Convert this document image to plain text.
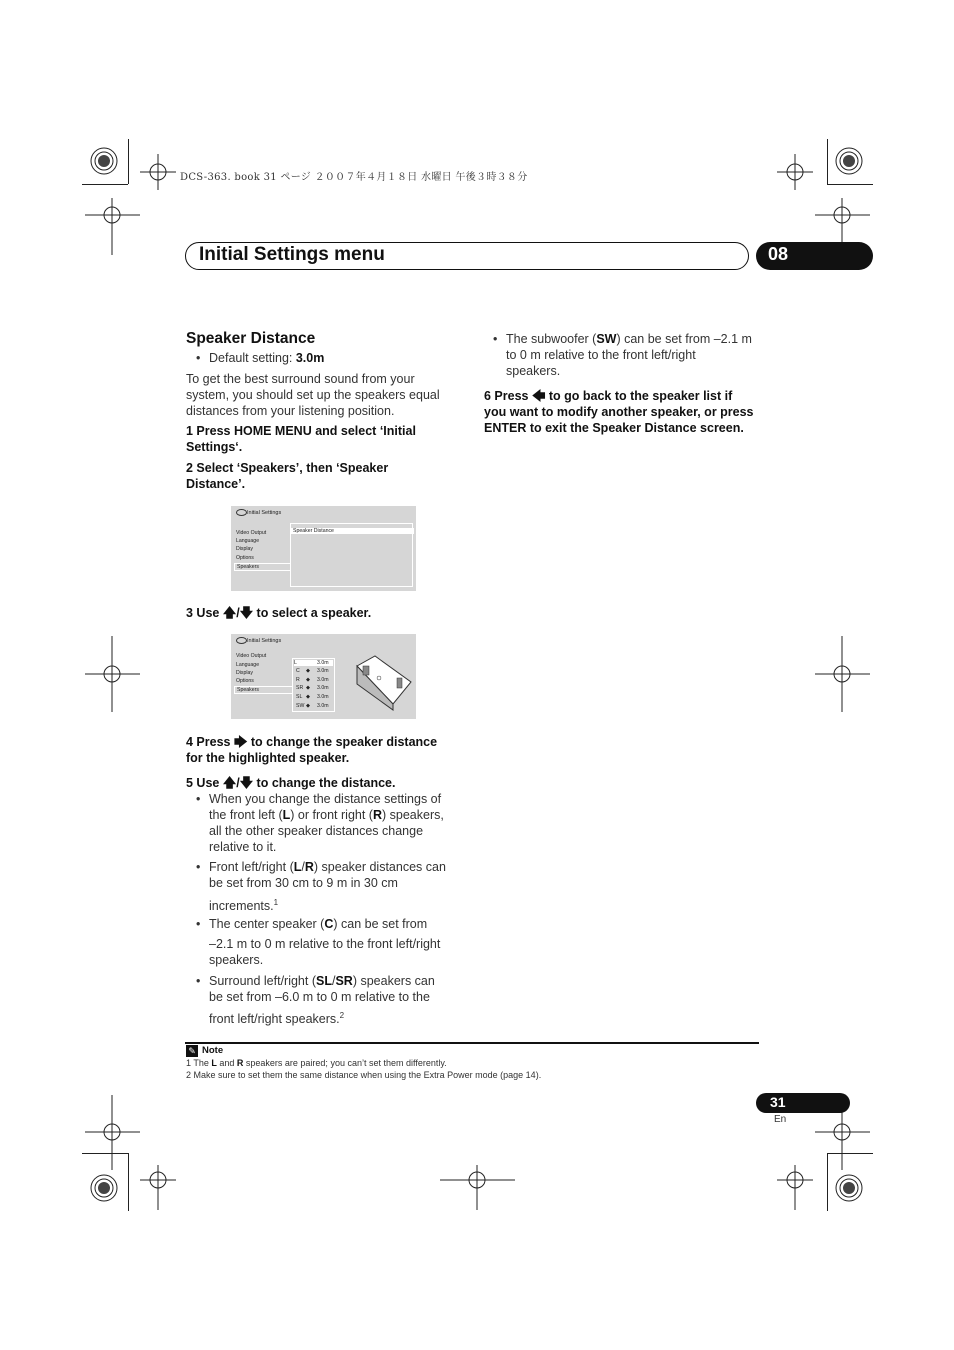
DCS-363. book 31 ページ ２００７年４月１８日 水曜日 午後３時３８分
Initial Settings menu	08
Speaker Distance
• Default setting: 3.0m
To get the best surround sound from your
system, you should set up the speakers equal
distances from your listening position.
1 Press HOME MENU and select ‘Initial
Settings‘.
2 Select ‘Speakers’, then ‘Speaker
Distance’.
Initial Settings
Video Output
Language
Display
Options
Speakers
Speaker Distance
3 Use 🡅/🡇 to select a speaker.
Initial Settings
Video Output
Language
Display
Options
Speakers
L	3.0m
C ◆ 3.0m
R ◆ 3.0m
SR ◆ 3.0m
SL ◆ 3.0m
SW ◆ 3.0m
4 Press 🡆 to change the speaker distance
for the highlighted speaker.
5 Use 🡅/🡇 to change the distance.
• When you change the distance settings of
the front left (L) or front right (R) speakers,
all the other speaker distances change
relative to it.
• Front left/right (L/R) speaker distances can
be set from 30 cm to 9 m in 30 cm
increments.$^1$
• The center speaker (C) can be set from
–2.1 m to 0 m relative to the front left/right
speakers.
• Surround left/right (SL/SR) speakers can
be set from –6.0 m to 0 m relative to the
front left/right speakers.$^2$
• The subwoofer (SW) can be set from –2.1 m
to 0 m relative to the front left/right
speakers.
6 Press 🡄 to go back to the speaker list if
you want to modify another speaker, or press
ENTER to exit the Speaker Distance screen.
✎ Note
1 The L and R speakers are paired; you can’t set them differently.
2 Make sure to set them the same distance when using the Extra Power mode (page 14).
31
En
